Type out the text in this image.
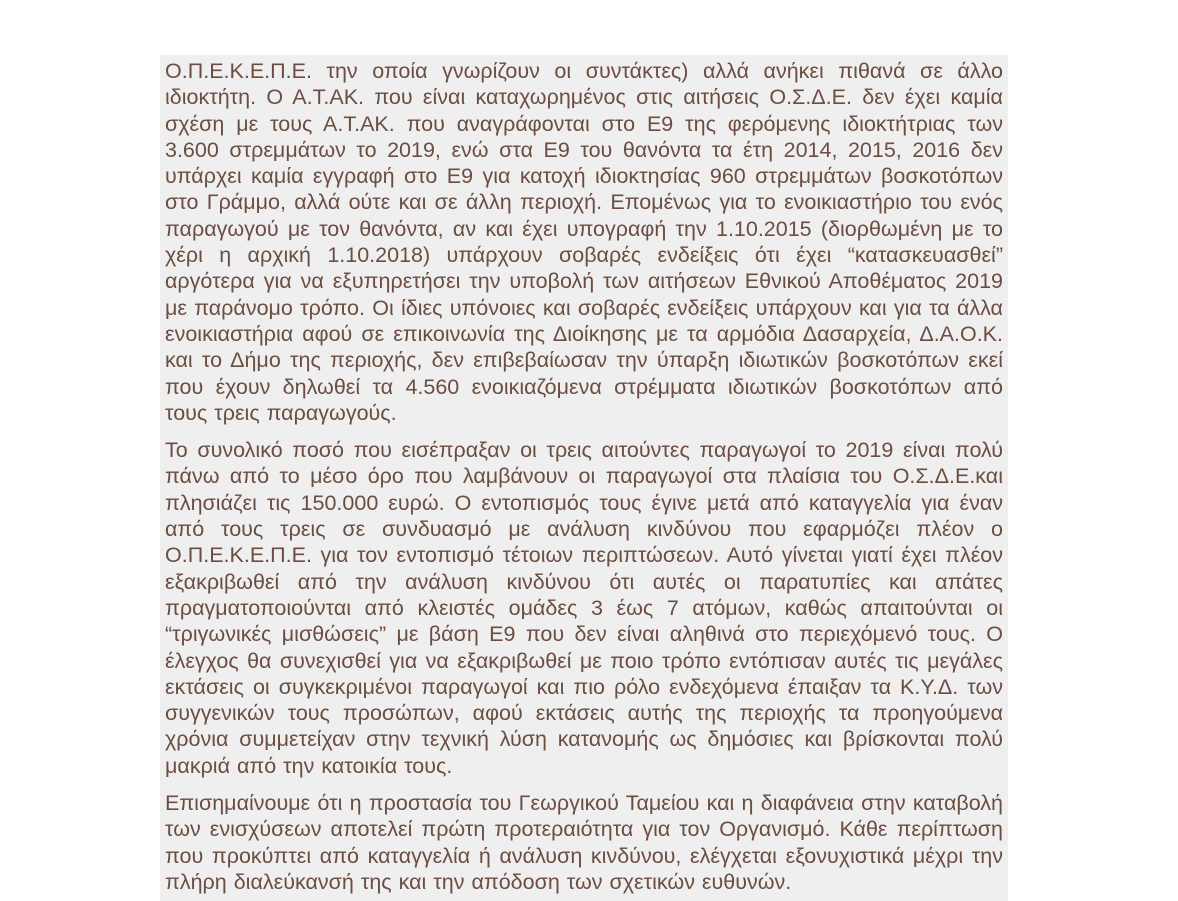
Ο.Π.Ε.Κ.Ε.Π.Ε. την οποία γνωρίζουν οι συντάκτες) αλλά ανήκει πιθανά σε άλλο ιδιοκτήτη. Ο Α.Τ.ΑΚ. που είναι καταχωρημένος στις αιτήσεις Ο.Σ.Δ.Ε. δεν έχει καμία σχέση με τους Α.Τ.ΑΚ. που αναγράφονται στο Ε9 της φερόμενης ιδιοκτήτριας των 3.600 στρεμμάτων το 2019, ενώ στα Ε9 του θανόντα τα έτη 2014, 2015, 2016 δεν υπάρχει καμία εγγραφή στο Ε9 για κατοχή ιδιοκτησίας 960 στρεμμάτων βοσκοτόπων στο Γράμμο, αλλά ούτε και σε άλλη περιοχή. Επομένως για το ενοικιαστήριο του ενός παραγωγού με τον θανόντα, αν και έχει υπογραφή την 1.10.2015 (διορθωμένη με το χέρι η αρχική 1.10.2018) υπάρχουν σοβαρές ενδείξεις ότι έχει “κατασκευασθεί” αργότερα για να εξυπηρετήσει την υποβολή των αιτήσεων Εθνικού Αποθέματος 2019 με παράνομο τρόπο. Οι ίδιες υπόνοιες και σοβαρές ενδείξεις υπάρχουν και για τα άλλα ενοικιαστήρια αφού σε επικοινωνία της Διοίκησης με τα αρμόδια Δασαρχεία, Δ.Α.Ο.Κ. και το Δήμο της περιοχής, δεν επιβεβαίωσαν την ύπαρξη ιδιωτικών βοσκοτόπων εκεί που έχουν δηλωθεί τα 4.560 ενοικιαζόμενα στρέμματα ιδιωτικών βοσκοτόπων από τους τρεις παραγωγούς.

Το συνολικό ποσό που εισέπραξαν οι τρεις αιτούντες παραγωγοί το 2019 είναι πολύ πάνω από το μέσο όρο που λαμβάνουν οι παραγωγοί στα πλαίσια του Ο.Σ.Δ.Ε.και πλησιάζει τις 150.000 ευρώ. Ο εντοπισμός τους έγινε μετά από καταγγελία για έναν από τους τρεις σε συνδυασμό με ανάλυση κινδύνου που εφαρμόζει πλέον ο Ο.Π.Ε.Κ.Ε.Π.Ε. για τον εντοπισμό τέτοιων περιπτώσεων. Αυτό γίνεται γιατί έχει πλέον εξακριβωθεί από την ανάλυση κινδύνου ότι αυτές οι παρατυπίες και απάτες πραγματοποιούνται από κλειστές ομάδες 3 έως 7 ατόμων, καθώς απαιτούνται οι “τριγωνικές μισθώσεις” με βάση Ε9 που δεν είναι αληθινά στο περιεχόμενό τους. Ο έλεγχος θα συνεχισθεί για να εξακριβωθεί με ποιο τρόπο εντόπισαν αυτές τις μεγάλες εκτάσεις οι συγκεκριμένοι παραγωγοί και πιο ρόλο ενδεχόμενα έπαιξαν τα Κ.Υ.Δ. των συγγενικών τους προσώπων, αφού εκτάσεις αυτής της περιοχής τα προηγούμενα χρόνια συμμετείχαν στην τεχνική λύση κατανομής ως δημόσιες και βρίσκονται πολύ μακριά από την κατοικία τους.

Επισημαίνουμε ότι η προστασία του Γεωργικού Ταμείου και η διαφάνεια στην καταβολή των ενισχύσεων αποτελεί πρώτη προτεραιότητα για τον Οργανισμό. Κάθε περίπτωση που προκύπτει από καταγγελία ή ανάλυση κινδύνου, ελέγχεται εξονυχιστικά μέχρι την πλήρη διαλεύκανσή της και την απόδοση των σχετικών ευθυνών.
